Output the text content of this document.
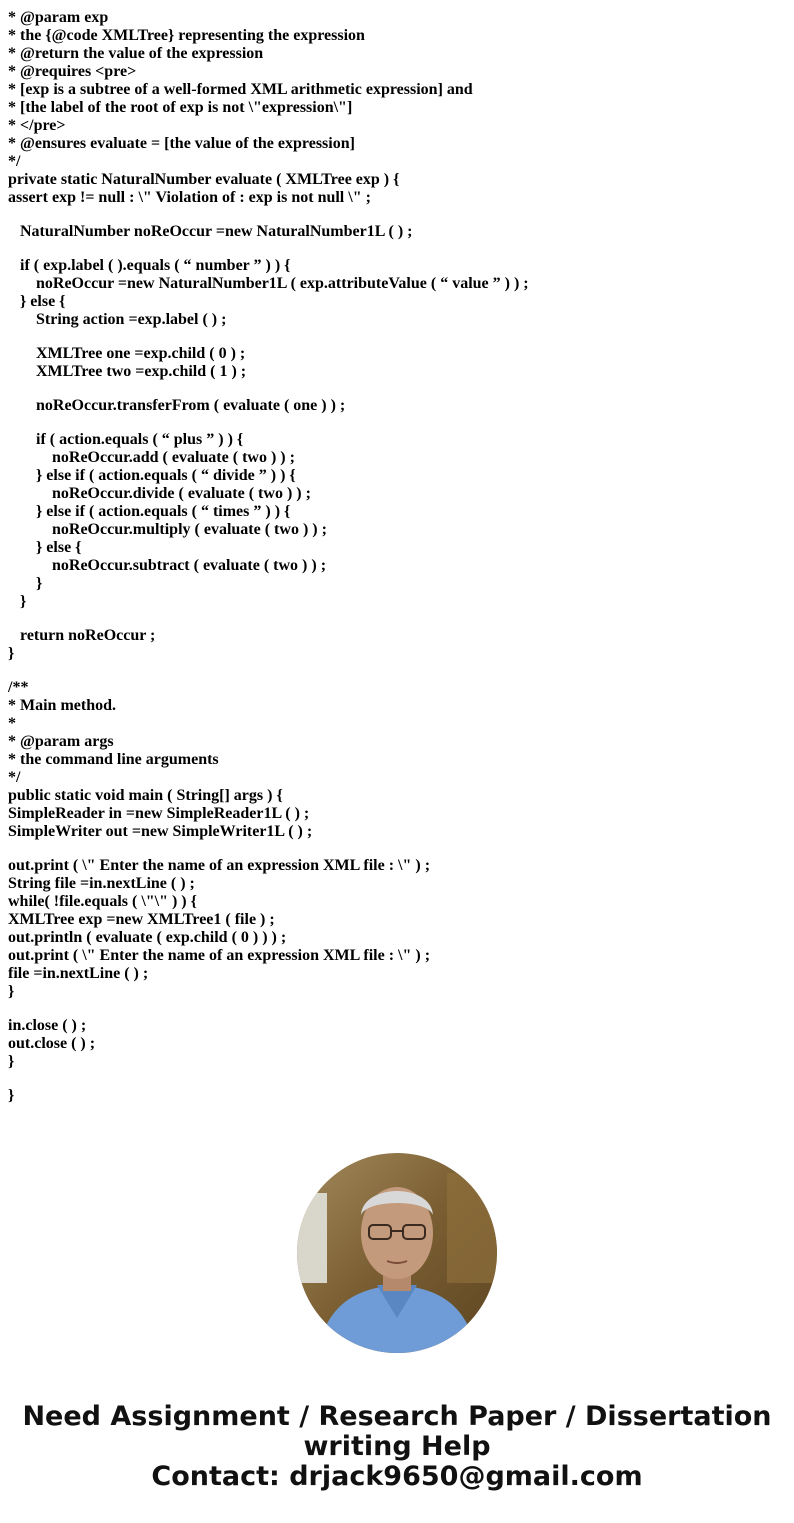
* @param exp
* the {@code XMLTree} representing the expression
* @return the value of the expression
* @requires <pre>
* [exp is a subtree of a well-formed XML arithmetic expression] and
* [the label of the root of exp is not \"expression\"]
* </pre>
* @ensures evaluate = [the value of the expression]
*/
private static NaturalNumber evaluate ( XMLTree exp ) {
assert exp != null : \" Violation of : exp is not null \" ;
NaturalNumber noReOccur =new NaturalNumber1L ( ) ;
if ( exp.label ( ).equals ( “ number ” ) ) {
noReOccur =new NaturalNumber1L ( exp.attributeValue ( “ value ” ) ) ;
} else {
String action =exp.label ( ) ;
XMLTree one =exp.child ( 0 ) ;
XMLTree two =exp.child ( 1 ) ;
noReOccur.transferFrom ( evaluate ( one ) ) ;
if ( action.equals ( “ plus ” ) ) {
noReOccur.add ( evaluate ( two ) ) ;
} else if ( action.equals ( “ divide ” ) ) {
noReOccur.divide ( evaluate ( two ) ) ;
} else if ( action.equals ( “ times ” ) ) {
noReOccur.multiply ( evaluate ( two ) ) ;
} else {
noReOccur.subtract ( evaluate ( two ) ) ;
}
}
return noReOccur ;
}
/**
* Main method.
*
* @param args
* the command line arguments
*/
public static void main ( String[] args ) {
SimpleReader in =new SimpleReader1L ( ) ;
SimpleWriter out =new SimpleWriter1L ( ) ;
out.print ( \" Enter the name of an expression XML file : \" ) ;
String file =in.nextLine ( ) ;
while( !file.equals ( \"\" ) ) {
XMLTree exp =new XMLTree1 ( file ) ;
out.println ( evaluate ( exp.child ( 0 ) ) ) ;
out.print ( \" Enter the name of an expression XML file : \" ) ;
file =in.nextLine ( ) ;
}
in.close ( ) ;
out.close ( ) ;
}
}
Need Assignment / Research Paper / Dissertation
writing Help
Contact: drjack9650@gmail.com
